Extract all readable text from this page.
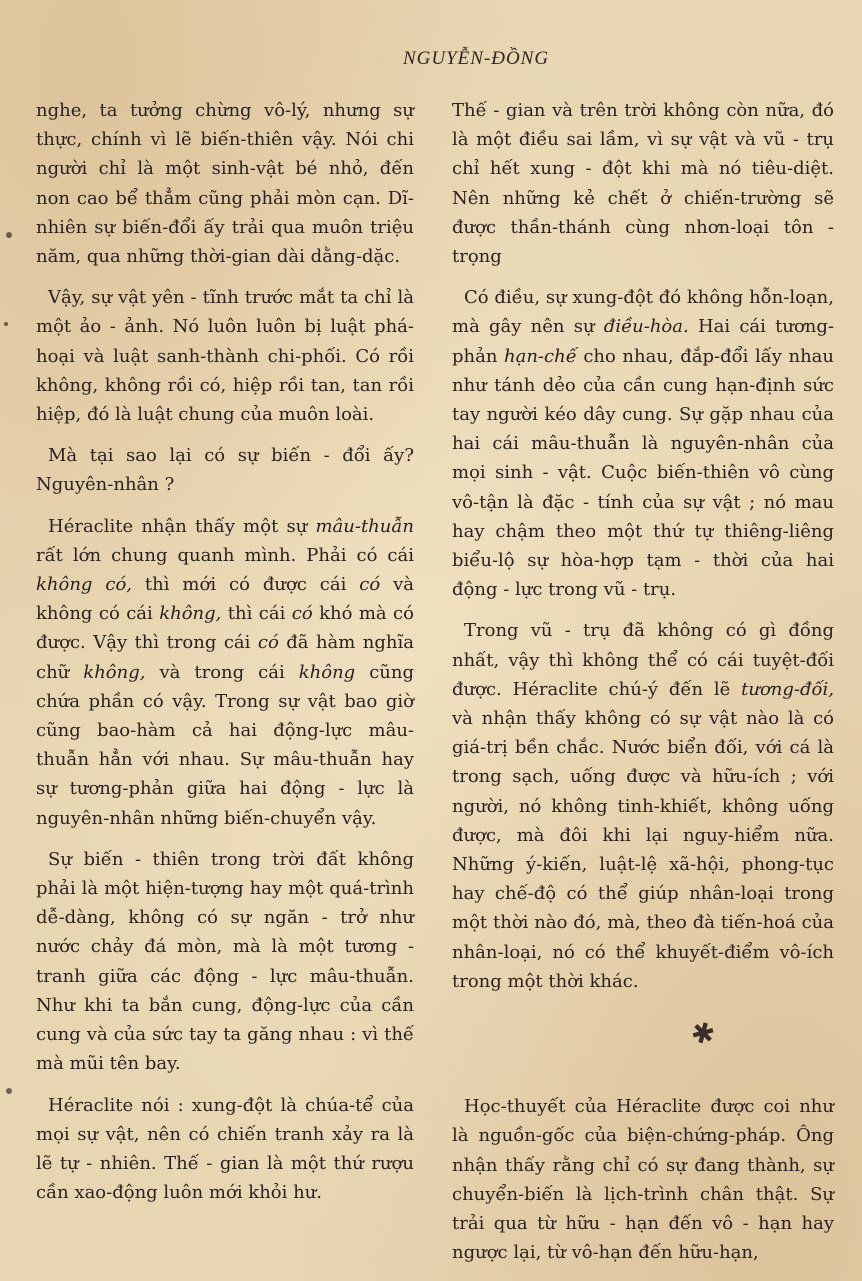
NGUYỄN-ĐỒNG

nghe, ta tưởng chừng vô-lý, nhưng sự thực, chính vì lẽ biến-thiên vậy. Nói chi người chỉ là một sinh-vật bé nhỏ, đến non cao bể thẳm cũng phải mòn cạn. Dĩ-nhiên sự biến-đổi ấy trải qua muôn triệu năm, qua những thời-gian dài dằng-dặc.

Vậy, sự vật yên - tĩnh trước mắt ta chỉ là một ảo - ảnh. Nó luôn luôn bị luật phá-hoại và luật sanh-thành chi-phối. Có rồi không, không rồi có, hiệp rồi tan, tan rồi hiệp, đó là luật chung của muôn loài.

Mà tại sao lại có sự biến - đổi ấy? Nguyên-nhân ?

Héraclite nhận thấy một sự mâu-thuẫn rất lớn chung quanh mình. Phải có cái không có, thì mới có được cái có và không có cái không, thì cái có khó mà có được. Vậy thì trong cái có đã hàm nghĩa chữ không, và trong cái không cũng chứa phần có vậy. Trong sự vật bao giờ cũng bao-hàm cả hai động-lực mâu-thuẫn hẳn với nhau. Sự mâu-thuẫn hay sự tương-phản giữa hai động - lực là nguyên-nhân những biến-chuyển vậy.

Sự biến - thiên trong trời đất không phải là một hiện-tượng hay một quá-trình dễ-dàng, không có sự ngăn - trở như nước chảy đá mòn, mà là một tương - tranh giữa các động - lực mâu-thuẫn. Như khi ta bắn cung, động-lực của cần cung và của sức tay ta găng nhau : vì thế mà mũi tên bay.

Héraclite nói : xung-đột là chúa-tể của mọi sự vật, nên có chiến tranh xảy ra là lẽ tự - nhiên. Thế - gian là một thứ rượu cần xao-động luôn mới khỏi hư.

Thế - gian và trên trời không còn nữa, đó là một điều sai lầm, vì sự vật và vũ - trụ chỉ hết xung - đột khi mà nó tiêu-diệt. Nên những kẻ chết ở chiến-trường sẽ được thần-thánh cùng nhơn-loại tôn - trọng

Có điều, sự xung-đột đó không hỗn-loạn, mà gây nên sự điều-hòa. Hai cái tương-phản hạn-chế cho nhau, đắp-đổi lấy nhau như tánh dẻo của cần cung hạn-định sức tay người kéo dây cung. Sự gặp nhau của hai cái mâu-thuẫn là nguyên-nhân của mọi sinh - vật. Cuộc biến-thiên vô cùng vô-tận là đặc - tính của sự vật ; nó mau hay chậm theo một thứ tự thiêng-liêng biểu-lộ sự hòa-hợp tạm - thời của hai động - lực trong vũ - trụ.

Trong vũ - trụ đã không có gì đồng nhất, vậy thì không thể có cái tuyệt-đối được. Héraclite chú-ý đến lẽ tương-đối, và nhận thấy không có sự vật nào là có giá-trị bền chắc. Nước biển đối, với cá là trong sạch, uống được và hữu-ích ; với người, nó không tinh-khiết, không uống được, mà đôi khi lại nguy-hiểm nữa. Những ý-kiến, luật-lệ xã-hội, phong-tục hay chế-độ có thể giúp nhân-loại trong một thời nào đó, mà, theo đà tiến-hoá của nhân-loại, nó có thể khuyết-điểm vô-ích trong một thời khác.

✱

Học-thuyết của Héraclite được coi như là nguồn-gốc của biện-chứng-pháp. Ông nhận thấy rằng chỉ có sự đang thành, sự chuyển-biến là lịch-trình chân thật. Sự trải qua từ hữu - hạn đến vô - hạn hay ngược lại, từ vô-hạn đến hữu-hạn,
